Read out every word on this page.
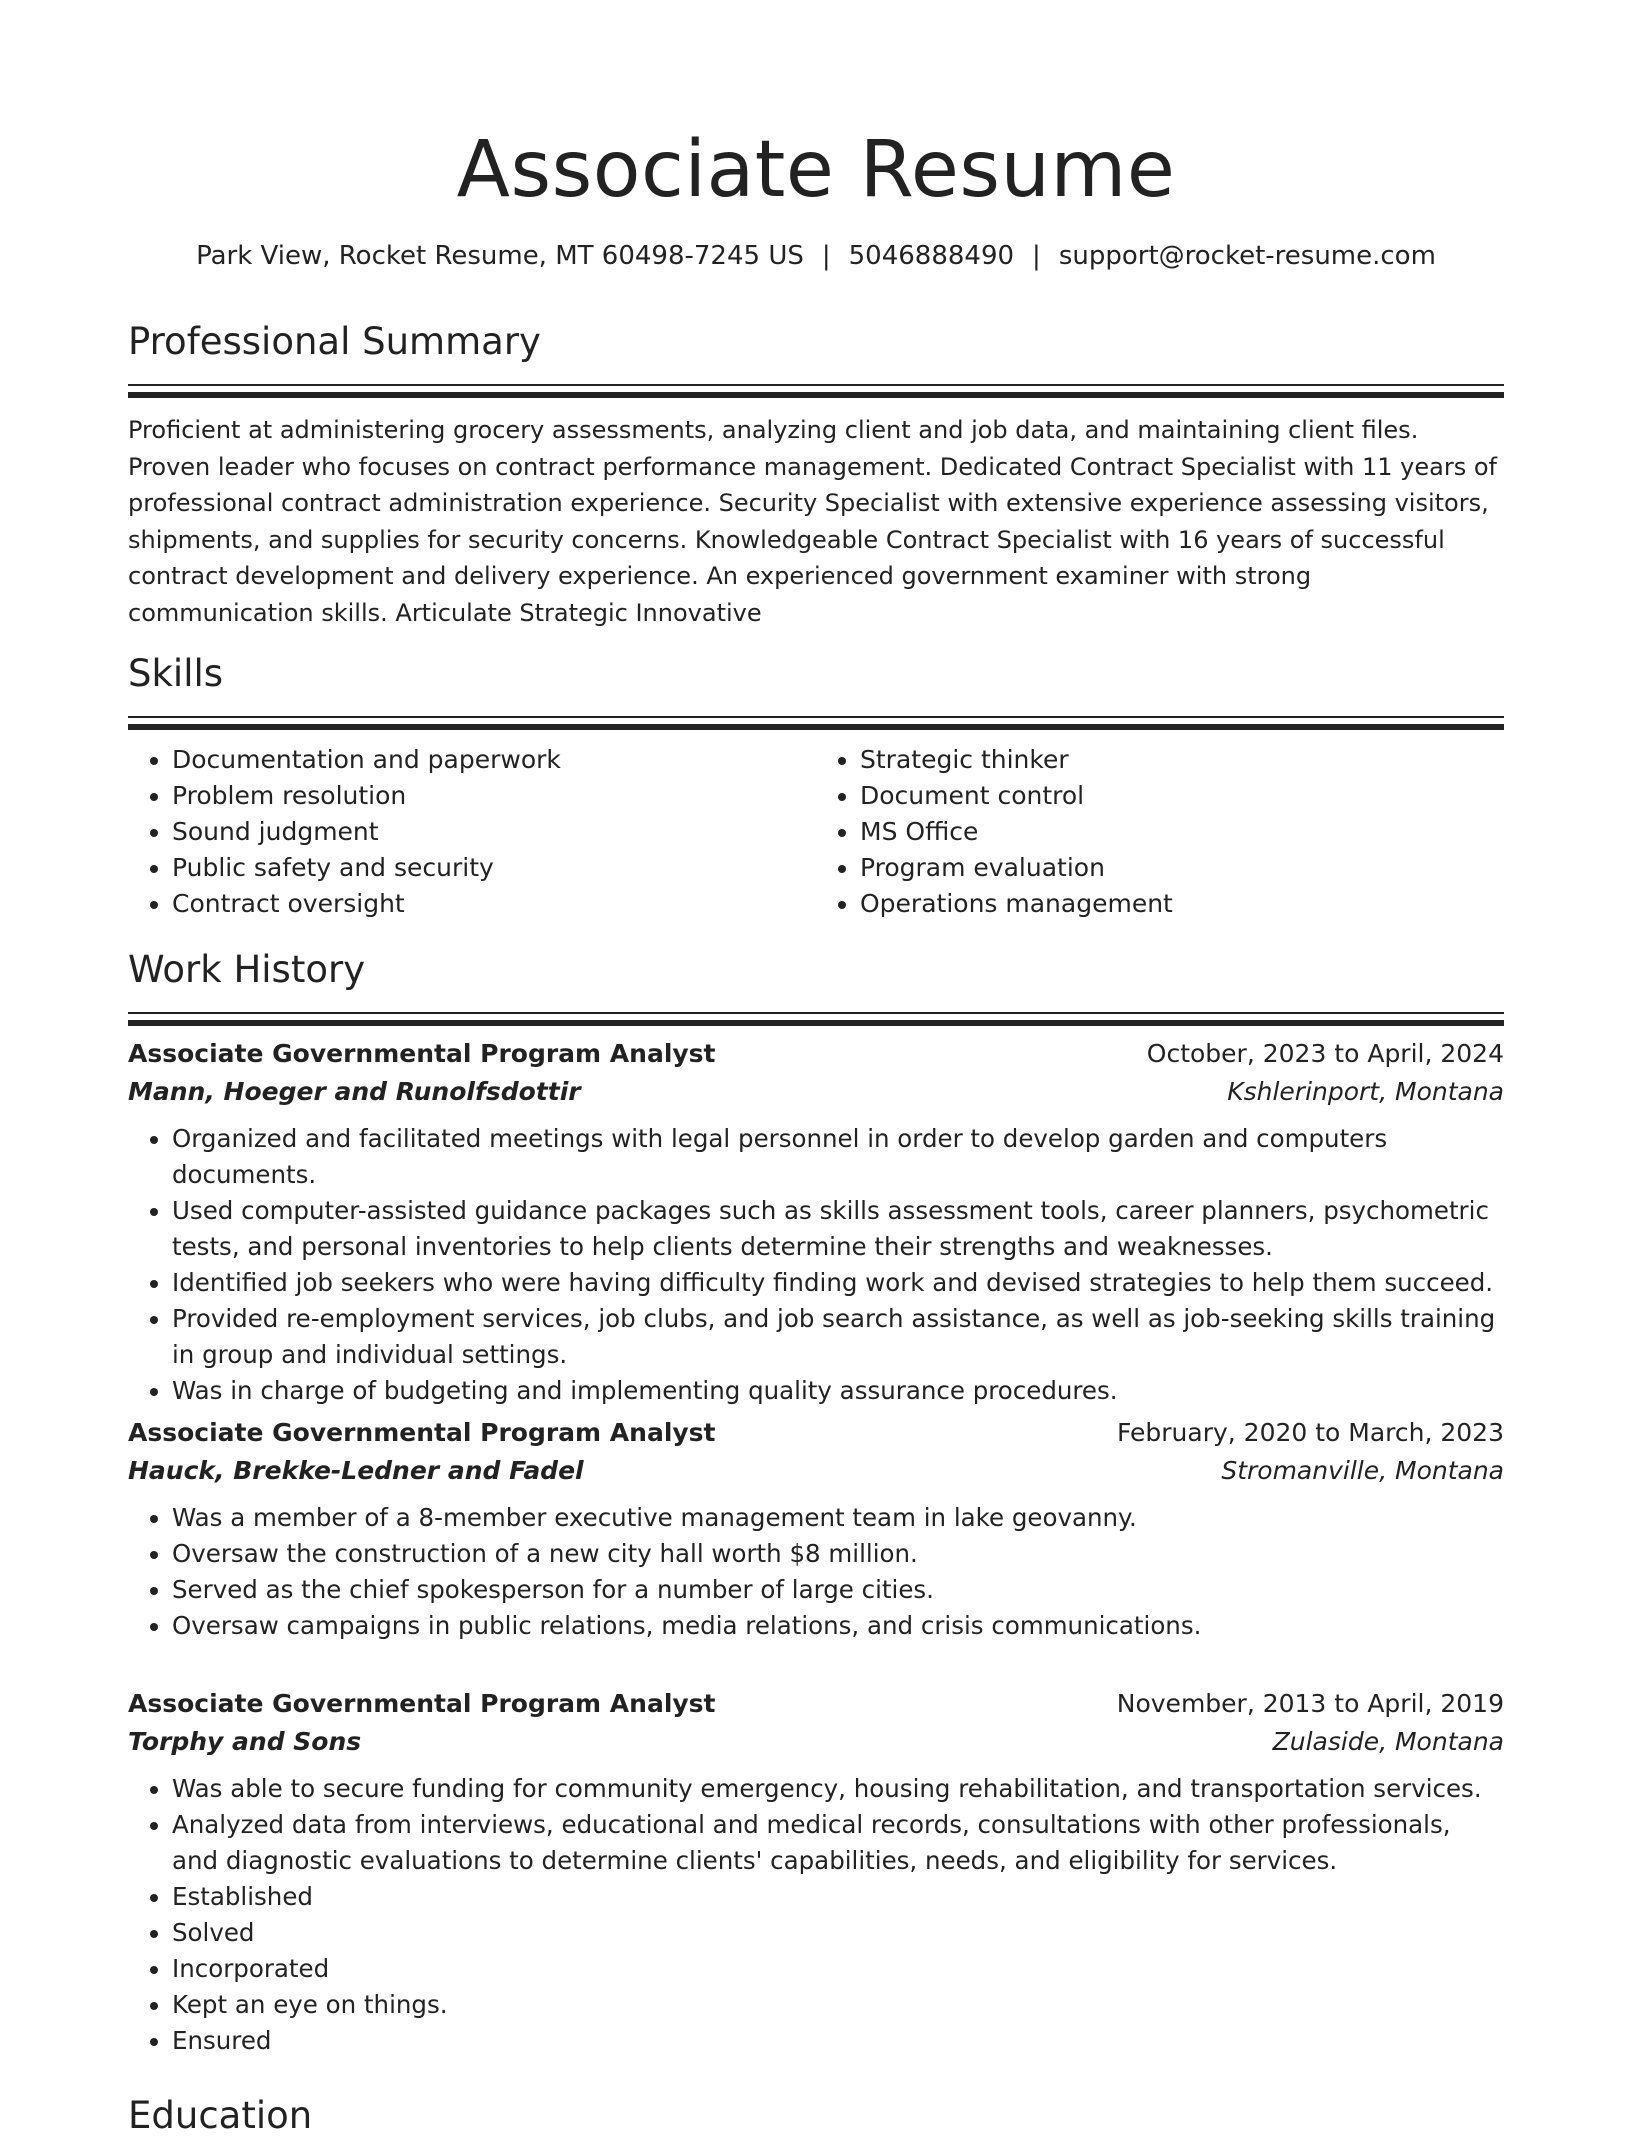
Associate Resume
Park View, Rocket Resume, MT 60498-7245 US | 5046888490 | support@rocket-resume.com
Professional Summary
Proficient at administering grocery assessments, analyzing client and job data, and maintaining client files. Proven leader who focuses on contract performance management. Dedicated Contract Specialist with 11 years of professional contract administration experience. Security Specialist with extensive experience assessing visitors, shipments, and supplies for security concerns. Knowledgeable Contract Specialist with 16 years of successful contract development and delivery experience. An experienced government examiner with strong communication skills. Articulate Strategic Innovative
Skills
• Documentation and paperwork
• Problem resolution
• Sound judgment
• Public safety and security
• Contract oversight
• Strategic thinker
• Document control
• MS Office
• Program evaluation
• Operations management
Work History
Associate Governmental Program Analyst	October, 2023 to April, 2024
Mann, Hoeger and Runolfsdottir	Kshlerinport, Montana
• Organized and facilitated meetings with legal personnel in order to develop garden and computers documents.
• Used computer-assisted guidance packages such as skills assessment tools, career planners, psychometric tests, and personal inventories to help clients determine their strengths and weaknesses.
• Identified job seekers who were having difficulty finding work and devised strategies to help them succeed.
• Provided re-employment services, job clubs, and job search assistance, as well as job-seeking skills training in group and individual settings.
• Was in charge of budgeting and implementing quality assurance procedures.
Associate Governmental Program Analyst	February, 2020 to March, 2023
Hauck, Brekke-Ledner and Fadel	Stromanville, Montana
• Was a member of a 8-member executive management team in lake geovanny.
• Oversaw the construction of a new city hall worth $8 million.
• Served as the chief spokesperson for a number of large cities.
• Oversaw campaigns in public relations, media relations, and crisis communications.
Associate Governmental Program Analyst	November, 2013 to April, 2019
Torphy and Sons	Zulaside, Montana
• Was able to secure funding for community emergency, housing rehabilitation, and transportation services.
• Analyzed data from interviews, educational and medical records, consultations with other professionals, and diagnostic evaluations to determine clients' capabilities, needs, and eligibility for services.
• Established
• Solved
• Incorporated
• Kept an eye on things.
• Ensured
Education
